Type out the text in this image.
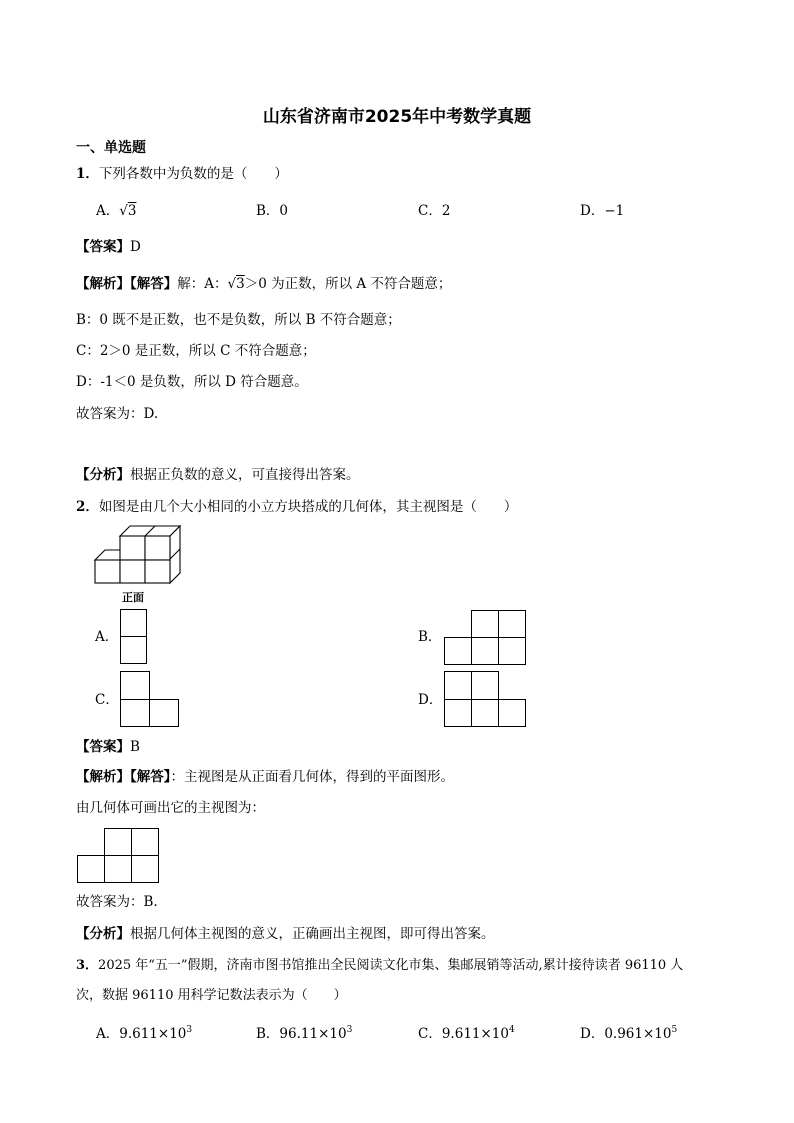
山东省济南市2025年中考数学真题
一、单选题
1．下列各数中为负数的是（　　）
A．√3	B．0	C．2	D．−1
【答案】D
【解析】【解答】解：A：√3＞0 为正数，所以 A 不符合题意；
B：0 既不是正数，也不是负数，所以 B 不符合题意；
C：2＞0 是正数，所以 C 不符合题意；
D：-1＜0 是负数，所以 D 符合题意。
故答案为：D.
【分析】根据正负数的意义，可直接得出答案。
2．如图是由几个大小相同的小立方块搭成的几何体，其主视图是（　　）
正面
A．	B．
C．	D．
【答案】B
【解析】【解答】：主视图是从正面看几何体，得到的平面图形。
由几何体可画出它的主视图为：
故答案为：B.
【分析】根据几何体主视图的意义，正确画出主视图，即可得出答案。
3．2025 年“五一”假期，济南市图书馆推出全民阅读文化市集、集邮展销等活动,累计接待读者 96110 人
次，数据 96110 用科学记数法表示为（　　）
A．$9.611\times 10^3$	B．$96.11\times 10^3$	C．$9.611\times 10^4$	D．$0.961\times 10^5$
